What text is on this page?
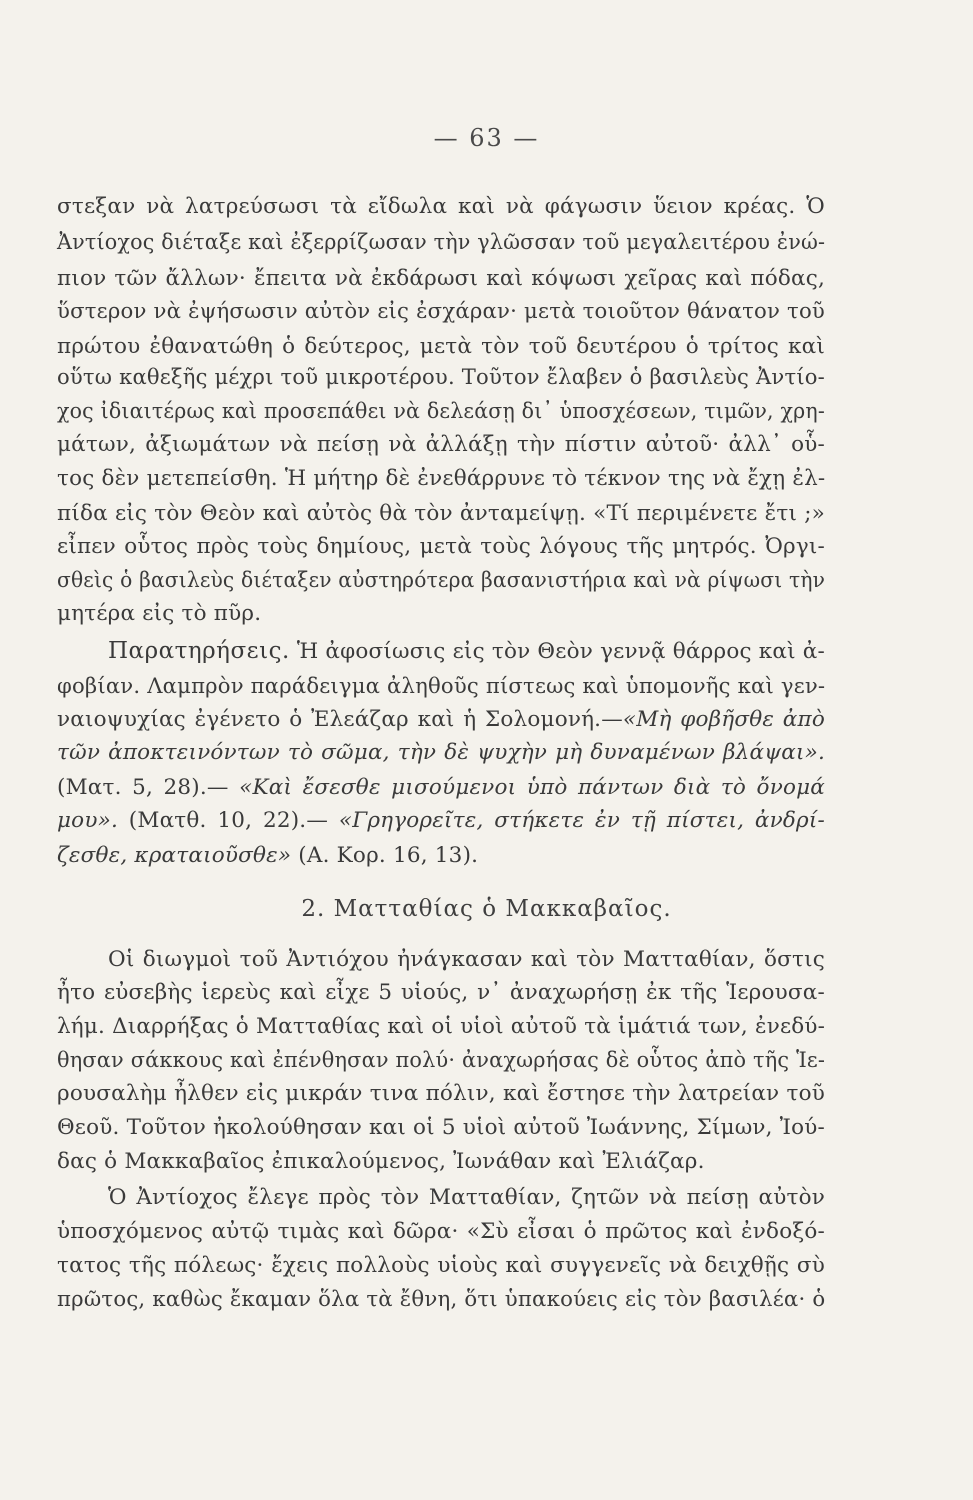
— 63 —
στεξαν νὰ λατρεύσωσι τὰ εἴδωλα καὶ νὰ φάγωσιν ὕειον κρέας. Ὁ
Ἀντίοχος διέταξε καὶ ἐξερρίζωσαν τὴν γλῶσσαν τοῦ μεγαλειτέρου ἐνώ-
πιον τῶν ἄλλων· ἔπειτα νὰ ἐκδάρωσι καὶ κόψωσι χεῖρας καὶ πόδας,
ὕστερον νὰ ἐψήσωσιν αὐτὸν εἰς ἐσχάραν· μετὰ τοιοῦτον θάνατον τοῦ
πρώτου ἐθανατώθη ὁ δεύτερος, μετὰ τὸν τοῦ δευτέρου ὁ τρίτος καὶ
οὕτω καθεξῆς μέχρι τοῦ μικροτέρου. Τοῦτον ἔλαβεν ὁ βασιλεὺς Ἀντίο-
χος ἰδιαιτέρως καὶ προσεπάθει νὰ δελεάσῃ δι᾿ ὑποσχέσεων, τιμῶν, χρη-
μάτων, ἀξιωμάτων νὰ πείσῃ νὰ ἀλλάξῃ τὴν πίστιν αὐτοῦ· ἀλλ᾿ οὗ-
τος δὲν μετεπείσθη. Ἡ μήτηρ δὲ ἐνεθάρρυνε τὸ τέκνον της νὰ ἔχῃ ἐλ-
πίδα εἰς τὸν Θεὸν καὶ αὐτὸς θὰ τὸν ἀνταμείψῃ. «Τί περιμένετε ἔτι ;»
εἶπεν οὗτος πρὸς τοὺς δημίους, μετὰ τοὺς λόγους τῆς μητρός. Ὀργι-
σθεὶς ὁ βασιλεὺς διέταξεν αὐστηρότερα βασανιστήρια καὶ νὰ ρίψωσι τὴν
μητέρα εἰς τὸ πῦρ.
Παρατηρήσεις. Ἡ ἀφοσίωσις εἰς τὸν Θεὸν γεννᾷ θάρρος καὶ ἀ-
φοβίαν. Λαμπρὸν παράδειγμα ἀληθοῦς πίστεως καὶ ὑπομονῆς καὶ γεν-
ναιοψυχίας ἐγένετο ὁ Ἐλεάζαρ καὶ ἡ Σολομονή.—«Μὴ φοβῆσθε ἀπὸ
τῶν ἀποκτεινόντων τὸ σῶμα, τὴν δὲ ψυχὴν μὴ δυναμένων βλάψαι».
(Ματ. 5, 28).— «Καὶ ἔσεσθε μισούμενοι ὑπὸ πάντων διὰ τὸ ὄνομά
μου». (Ματθ. 10, 22).— «Γρηγορεῖτε, στήκετε ἐν τῇ πίστει, ἀνδρί-
ζεσθε, κραταιοῦσθε» (Α. Κορ. 16, 13).
2. Ματταθίας ὁ Μακκαβαῖος.
Οἱ διωγμοὶ τοῦ Ἀντιόχου ἠνάγκασαν καὶ τὸν Ματταθίαν, ὅστις
ἦτο εὐσεβὴς ἱερεὺς καὶ εἶχε 5 υἱούς, ν᾿ ἀναχωρήσῃ ἐκ τῆς Ἱερουσα-
λήμ. Διαρρήξας ὁ Ματταθίας καὶ οἱ υἱοὶ αὐτοῦ τὰ ἱμάτιά των, ἐνεδύ-
θησαν σάκκους καὶ ἐπένθησαν πολύ· ἀναχωρήσας δὲ οὗτος ἀπὸ τῆς Ἱε-
ρουσαλὴμ ἦλθεν εἰς μικράν τινα πόλιν, καὶ ἔστησε τὴν λατρείαν τοῦ
Θεοῦ. Τοῦτον ἠκολούθησαν και οἱ 5 υἱοὶ αὐτοῦ Ἰωάννης, Σίμων, Ἰού-
δας ὁ Μακκαβαῖος ἐπικαλούμενος, Ἰωνάθαν καὶ Ἐλιάζαρ.
Ὁ Ἀντίοχος ἔλεγε πρὸς τὸν Ματταθίαν, ζητῶν νὰ πείσῃ αὐτὸν
ὑποσχόμενος αὐτῷ τιμὰς καὶ δῶρα· «Σὺ εἶσαι ὁ πρῶτος καὶ ἐνδοξό-
τατος τῆς πόλεως· ἔχεις πολλοὺς υἱοὺς καὶ συγγενεῖς νὰ δειχθῇς σὺ
πρῶτος, καθὼς ἔκαμαν ὅλα τὰ ἔθνη, ὅτι ὑπακούεις εἰς τὸν βασιλέα· ὁ
